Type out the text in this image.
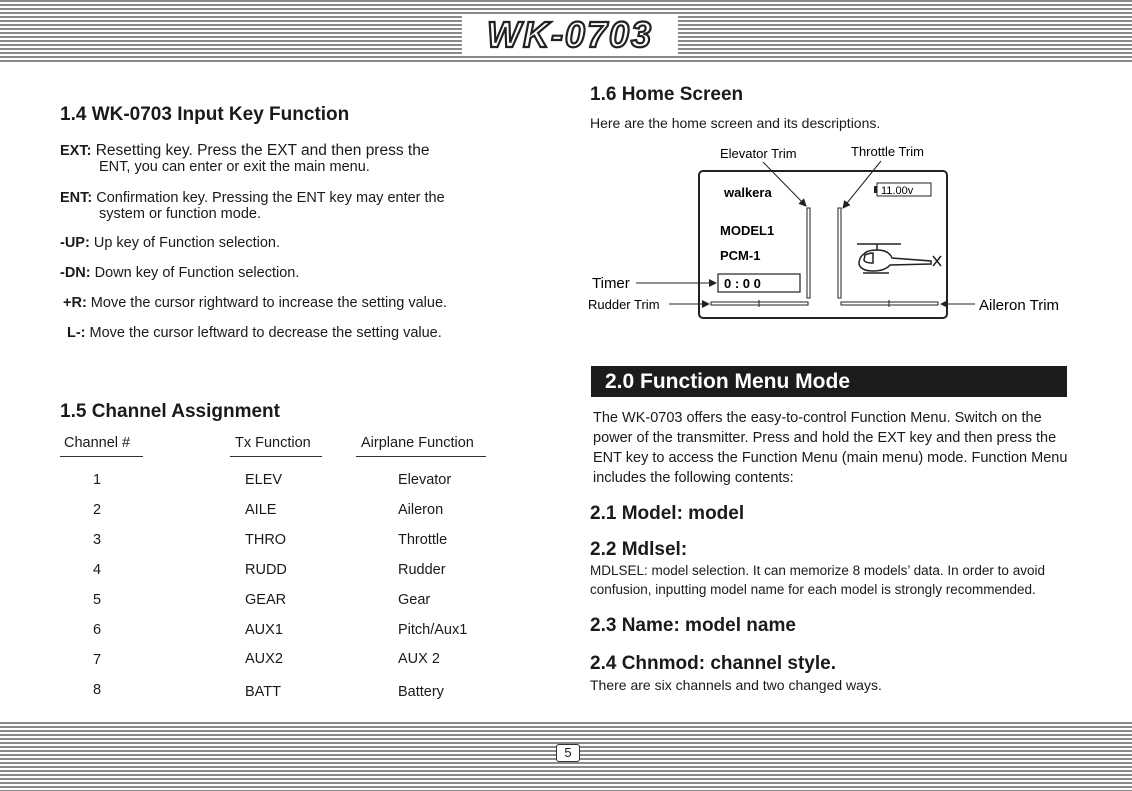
WK-0703
5
1.4 WK-0703 Input Key Function
EXT: Resetting key. Press the EXT and then press the
ENT, you can enter or exit the main menu.
ENT: Confirmation key. Pressing the ENT key may enter the
system or function mode.
-UP: Up key of Function selection.
-DN: Down key of Function selection.
+R: Move the cursor rightward to increase the setting value.
L-: Move the cursor leftward to decrease the setting value.
1.5 Channel Assignment
Channel #	Tx Function	Airplane Function
1	ELEV	Elevator
2	AILE	Aileron
3	THRO	Throttle
4	RUDD	Rudder
5	GEAR	Gear
6	AUX1	Pitch/Aux1
7	AUX2	AUX 2
8	BATT	Battery
1.6 Home Screen
Here are the home screen and its descriptions.
walkera	11.00v
MODEL1
PCM-1
0 : 0 0
Elevator Trim	Throttle Trim
Timer
Rudder Trim	Aileron Trim
2.0 Function Menu Mode
The WK-0703 offers the easy-to-control Function Menu. Switch on the
power of the transmitter. Press and hold the EXT key and then press the
ENT key to access the Function Menu (main menu) mode. Function Menu
includes the following contents:
2.1 Model: model
2.2 Mdlsel:
MDLSEL: model selection. It can memorize 8 models’ data. In order to avoid
confusion, inputting model name for each model is strongly recommended.
2.3 Name: model name
2.4 Chnmod: channel style.
There are six channels and two changed ways.
